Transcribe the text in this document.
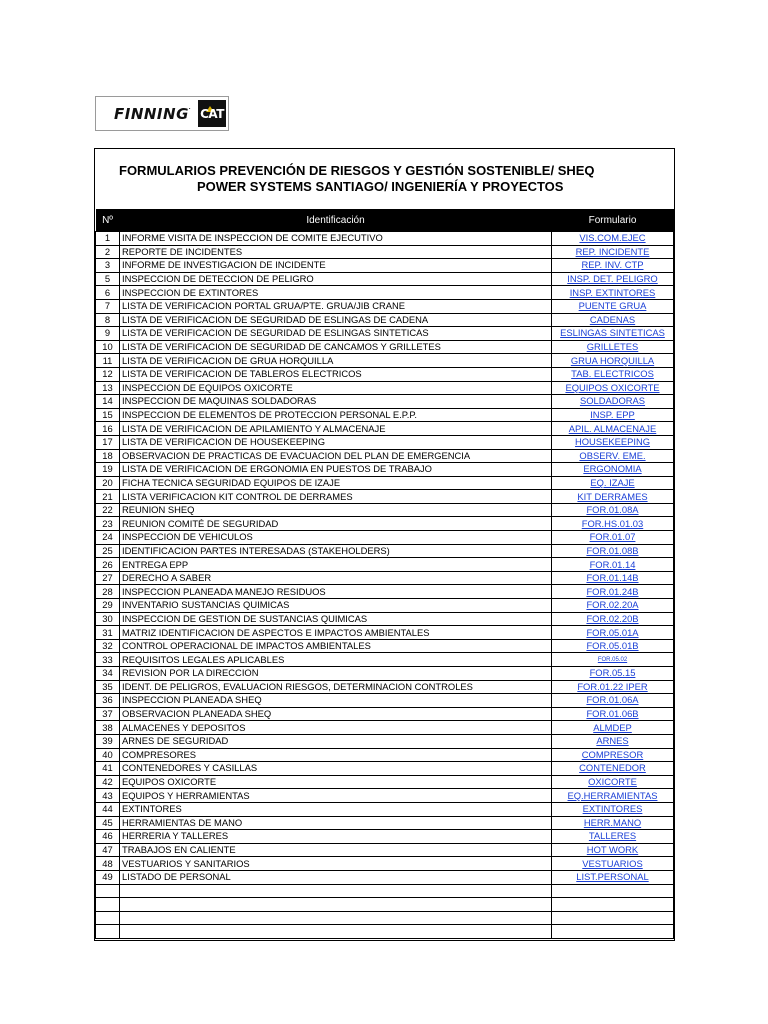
FINNING. CAT
FORMULARIOS PREVENCIÓN DE RIESGOS Y GESTIÓN SOSTENIBLE/ SHEQ
POWER SYSTEMS SANTIAGO/ INGENIERÍA Y PROYECTOS
Nº	Identificación	Formulario
1	INFORME VISITA DE INSPECCION DE COMITE EJECUTIVO	VIS.COM.EJEC
2	REPORTE DE INCIDENTES	REP. INCIDENTE
3	INFORME DE INVESTIGACION DE INCIDENTE	REP. INV. CTP
5	INSPECCION DE DETECCION DE PELIGRO	INSP. DET. PELIGRO
6	INSPECCION DE EXTINTORES	INSP. EXTINTORES
7	LISTA DE VERIFICACION PORTAL GRUA/PTE. GRUA/JIB CRANE	PUENTE GRUA
8	LISTA DE VERIFICACION DE SEGURIDAD DE ESLINGAS DE CADENA	CADENAS
9	LISTA DE VERIFICACION DE SEGURIDAD DE ESLINGAS SINTETICAS	ESLINGAS SINTETICAS
10	LISTA DE VERIFICACION DE SEGURIDAD DE CANCAMOS Y GRILLETES	GRILLETES
11	LISTA DE VERIFICACION DE GRUA HORQUILLA	GRUA HORQUILLA
12	LISTA DE VERIFICACION DE TABLEROS ELECTRICOS	TAB. ELECTRICOS
13	INSPECCION DE EQUIPOS OXICORTE	EQUIPOS OXICORTE
14	INSPECCION DE MAQUINAS SOLDADORAS	SOLDADORAS
15	INSPECCION DE ELEMENTOS DE PROTECCION PERSONAL E.P.P.	INSP. EPP
16	LISTA DE VERIFICACION DE APILAMIENTO Y ALMACENAJE	APIL. ALMACENAJE
17	LISTA DE VERIFICACION DE HOUSEKEEPING	HOUSEKEEPING
18	OBSERVACION DE PRACTICAS DE EVACUACION DEL PLAN DE EMERGENCIA	OBSERV. EME.
19	LISTA DE VERIFICACION DE ERGONOMIA EN PUESTOS DE TRABAJO	ERGONOMIA
20	FICHA TECNICA SEGURIDAD EQUIPOS DE IZAJE	EQ. IZAJE
21	LISTA VERIFICACION KIT CONTROL DE DERRAMES	KIT DERRAMES
22	REUNION SHEQ	FOR.01.08A
23	REUNION COMITÉ DE SEGURIDAD	FOR.HS.01.03
24	INSPECCION DE VEHICULOS	FOR.01.07
25	IDENTIFICACION PARTES INTERESADAS (STAKEHOLDERS)	FOR.01.08B
26	ENTREGA EPP	FOR.01.14
27	DERECHO A SABER	FOR.01.14B
28	INSPECCION PLANEADA MANEJO RESIDUOS	FOR.01.24B
29	INVENTARIO SUSTANCIAS QUIMICAS	FOR.02.20A
30	INSPECCION DE GESTION DE SUSTANCIAS QUIMICAS	FOR.02.20B
31	MATRIZ IDENTIFICACION DE ASPECTOS E IMPACTOS AMBIENTALES	FOR.05.01A
32	CONTROL OPERACIONAL DE IMPACTOS AMBIENTALES	FOR.05.01B
33	REQUISITOS LEGALES APLICABLES	FOR.05.02
34	REVISION POR LA DIRECCION	FOR.05.15
35	IDENT. DE PELIGROS, EVALUACION RIESGOS, DETERMINACION CONTROLES	FOR.01.22 IPER
36	INSPECCION PLANEADA SHEQ	FOR.01.06A
37	OBSERVACION PLANEADA SHEQ	FOR.01.06B
38	ALMACENES Y DEPOSITOS	ALMDEP
39	ARNES DE SEGURIDAD	ARNES
40	COMPRESORES	COMPRESOR
41	CONTENEDORES Y CASILLAS	CONTENEDOR
42	EQUIPOS OXICORTE	OXICORTE
43	EQUIPOS Y HERRAMIENTAS	EQ.HERRAMIENTAS
44	EXTINTORES	EXTINTORES
45	HERRAMIENTAS DE MANO	HERR.MANO
46	HERRERIA Y TALLERES	TALLERES
47	TRABAJOS EN CALIENTE	HOT WORK
48	VESTUARIOS Y SANITARIOS	VESTUARIOS
49	LISTADO DE PERSONAL	LIST.PERSONAL
